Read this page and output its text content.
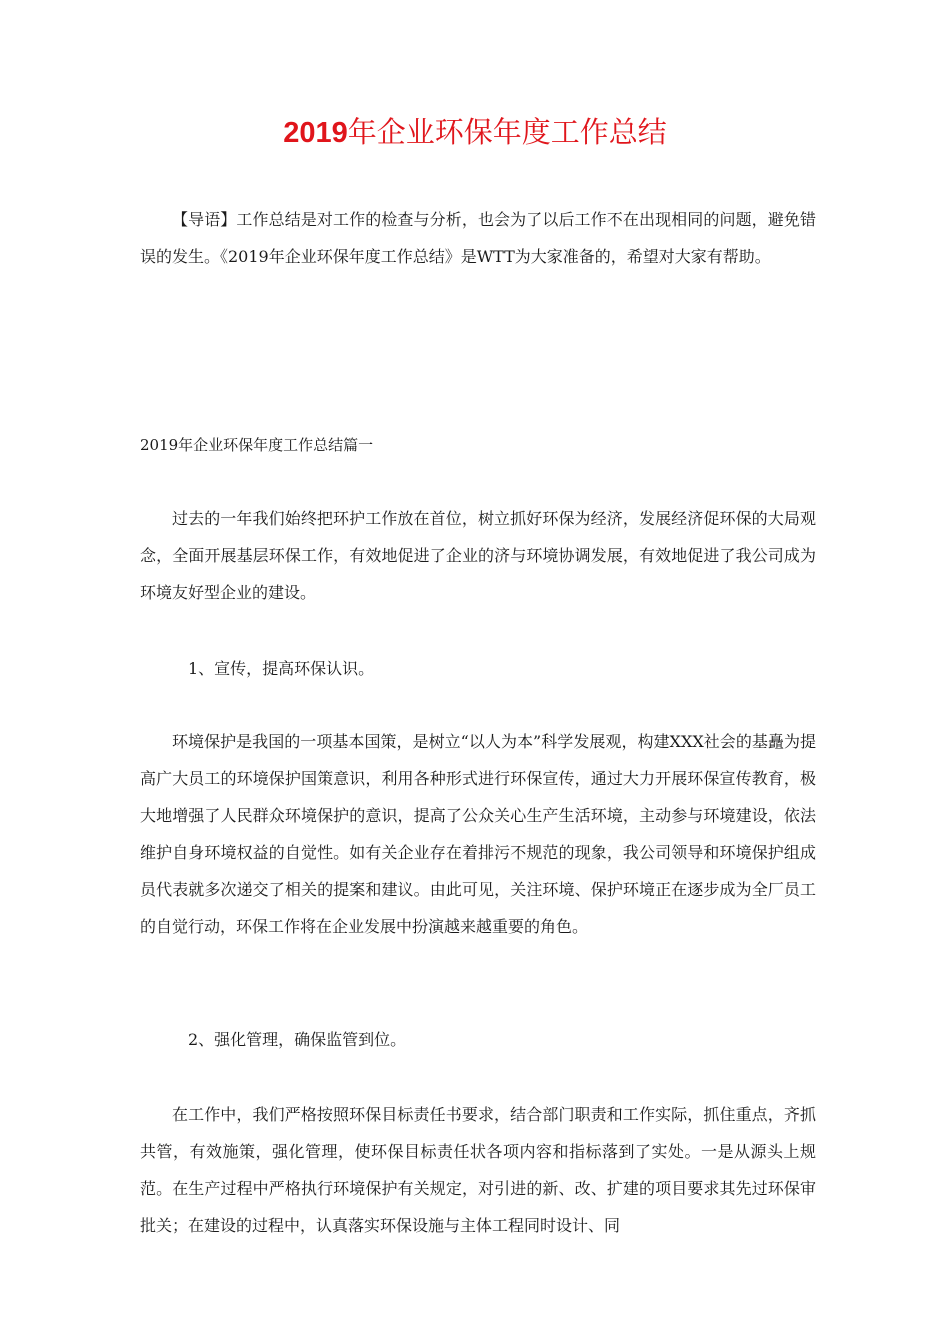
2019年企业环保年度工作总结

【导语】工作总结是对工作的检查与分析，也会为了以后工作不在出现相同的问题，避免错误的发生。《2019年企业环保年度工作总结》是WTT为大家准备的，希望对大家有帮助。

2019年企业环保年度工作总结篇一

过去的一年我们始终把环护工作放在首位，树立抓好环保为经济，发展经济促环保的大局观念，全面开展基层环保工作，有效地促进了企业的济与环境协调发展，有效地促进了我公司成为环境友好型企业的建设。

1、宣传，提高环保认识。

环境保护是我国的一项基本国策，是树立“以人为本”科学发展观，构建XXX社会的基矗为提高广大员工的环境保护国策意识，利用各种形式进行环保宣传，通过大力开展环保宣传教育，极大地增强了人民群众环境保护的意识，提高了公众关心生产生活环境，主动参与环境建设，依法维护自身环境权益的自觉性。如有关企业存在着排污不规范的现象，我公司领导和环境保护组成员代表就多次递交了相关的提案和建议。由此可见，关注环境、保护环境正在逐步成为全厂员工的自觉行动，环保工作将在企业发展中扮演越来越重要的角色。

2、强化管理，确保监管到位。

在工作中，我们严格按照环保目标责任书要求，结合部门职责和工作实际，抓住重点，齐抓共管，有效施策，强化管理，使环保目标责任状各项内容和指标落到了实处。一是从源头上规范。在生产过程中严格执行环境保护有关规定，对引进的新、改、扩建的项目要求其先过环保审批关；在建设的过程中，认真落实环保设施与主体工程同时设计、同
